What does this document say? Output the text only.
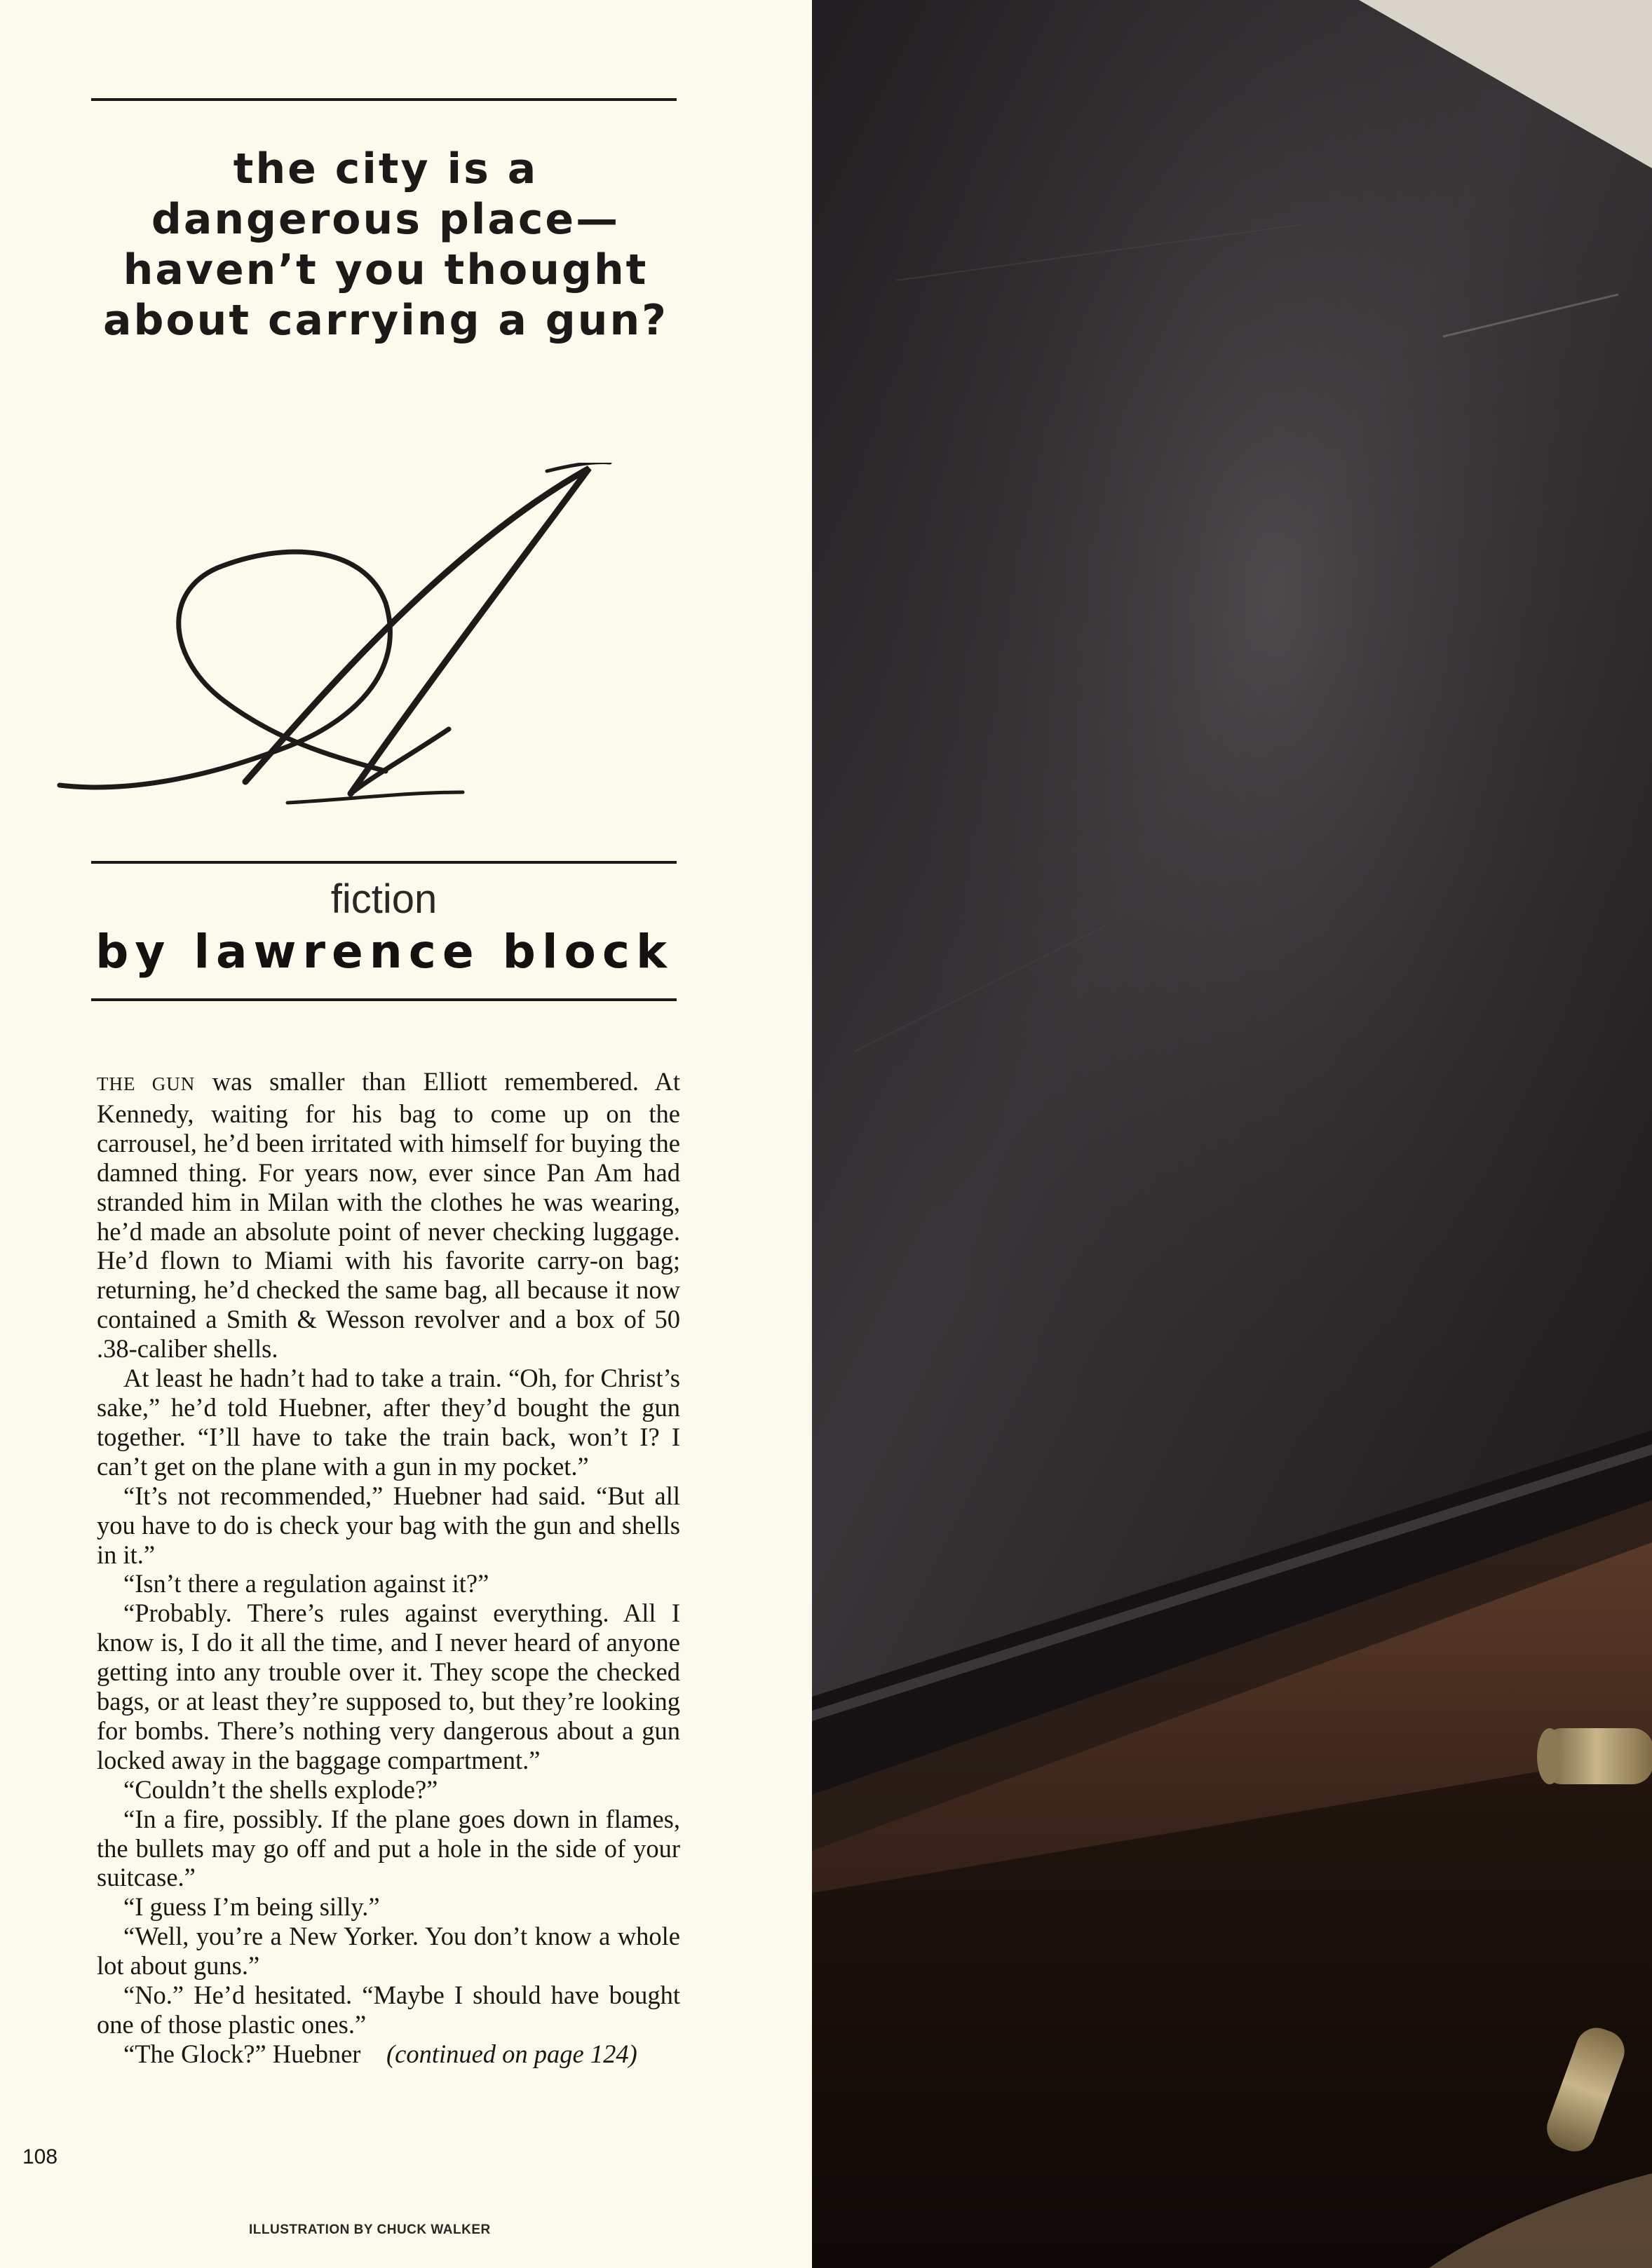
the city is a
dangerous place—
haven’t you thought
about carrying a gun?
fiction
by lawrence block

THE GUN was smaller than Elliott remembered. At Kennedy, waiting for his bag to come up on the carrousel, he’d been irritated with himself for buying the damned thing. For years now, ever since Pan Am had stranded him in Milan with the clothes he was wearing, he’d made an absolute point of never checking luggage. He’d flown to Miami with his favorite carry-on bag; returning, he’d checked the same bag, all because it now contained a Smith & Wesson revolver and a box of 50 .38-caliber shells.

At least he hadn’t had to take a train. “Oh, for Christ’s sake,” he’d told Huebner, after they’d bought the gun together. “I’ll have to take the train back, won’t I? I can’t get on the plane with a gun in my pocket.”

“It’s not recommended,” Huebner had said. “But all you have to do is check your bag with the gun and shells in it.”

“Isn’t there a regulation against it?”

“Probably. There’s rules against everything. All I know is, I do it all the time, and I never heard of anyone getting into any trouble over it. They scope the checked bags, or at least they’re supposed to, but they’re looking for bombs. There’s nothing very dangerous about a gun locked away in the baggage compartment.”

“Couldn’t the shells explode?”

“In a fire, possibly. If the plane goes down in flames, the bullets may go off and put a hole in the side of your suitcase.”

“I guess I’m being silly.”

“Well, you’re a New Yorker. You don’t know a whole lot about guns.”

“No.” He’d hesitated. “Maybe I should have bought one of those plastic ones.”

“The Glock?” Huebner (continued on page 124)

108
ILLUSTRATION BY CHUCK WALKER
